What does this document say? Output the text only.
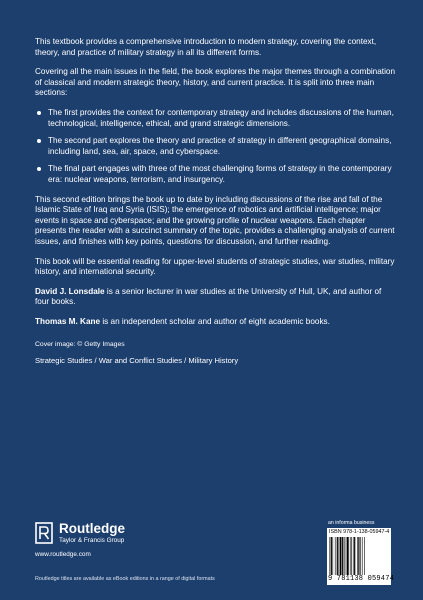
This textbook provides a comprehensive introduction to modern strategy, covering the context, theory, and practice of military strategy in all its different forms.

Covering all the main issues in the field, the book explores the major themes through a combination of classical and modern strategic theory, history, and current practice. It is split into three main sections:

The first provides the context for contemporary strategy and includes discussions of the human, technological, intelligence, ethical, and grand strategic dimensions.
The second part explores the theory and practice of strategy in different geographical domains, including land, sea, air, space, and cyberspace.
The final part engages with three of the most challenging forms of strategy in the contemporary era: nuclear weapons, terrorism, and insurgency.

This second edition brings the book up to date by including discussions of the rise and fall of the Islamic State of Iraq and Syria (ISIS); the emergence of robotics and artificial intelligence; major events in space and cyberspace; and the growing profile of nuclear weapons. Each chapter presents the reader with a succinct summary of the topic, provides a challenging analysis of current issues, and finishes with key points, questions for discussion, and further reading.

This book will be essential reading for upper-level students of strategic studies, war studies, military history, and international security.

David J. Lonsdale is a senior lecturer in war studies at the University of Hull, UK, and author of four books.

Thomas M. Kane is an independent scholar and author of eight academic books.

Cover image: © Getty Images
Strategic Studies / War and Conflict Studies / Military History
Routledge
Taylor & Francis Group
www.routledge.com
Routledge titles are available as eBook editions in a range of digital formats
an informa business
ISBN 978-1-138-05947-4
9 781138 059474
